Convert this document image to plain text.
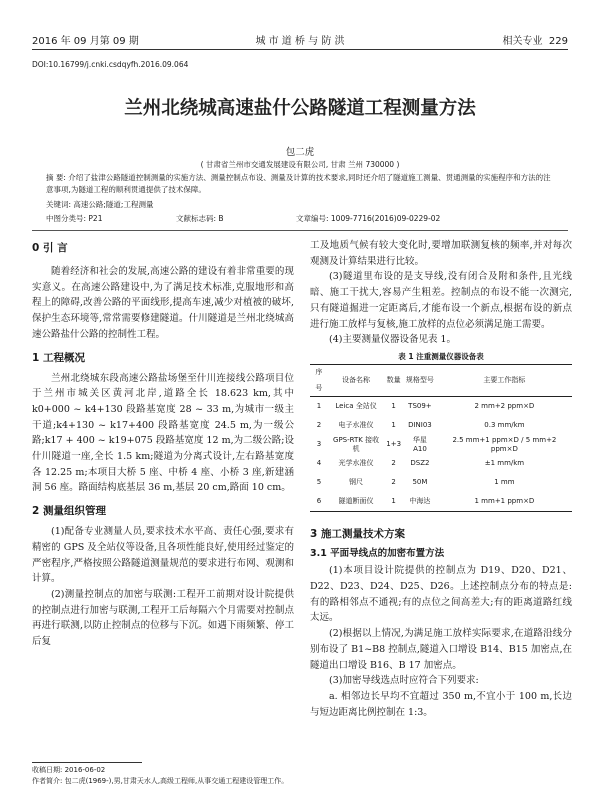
2016 年 09 月第 09 期	城 市 道 桥 与 防 洪	相关专业 229
DOI:10.16799/j.cnki.csdqyfh.2016.09.064
兰州北绕城高速盐什公路隧道工程测量方法
包二虎
( 甘肃省兰州市交通发展建设有限公司, 甘肃 兰州 730000 )
摘 要: 介绍了盐津公路隧道控制测量的实施方法、测量控制点布设、测量及计算的技术要求,同时还介绍了隧道施工测量、贯通测量的实施程序和方法的注意事项,为隧道工程的顺利贯通提供了技术保障。
关键词: 高速公路;隧道;工程测量
中图分类号: P21	文献标志码: B	文章编号: 1009-7716(2016)09-0229-02
0 引 言

随着经济和社会的发展,高速公路的建设有着非常重要的现实意义。在高速公路建设中,为了满足技术标准,克服地形和高程上的障碍,改善公路的平面线形,提高车速,减少对植被的破坏,保护生态环境等,常常需要修建隧道。什川隧道是兰州北绕城高速公路盐什公路的控制性工程。

1 工程概况

兰州北绕城东段高速公路盐场堡至什川连接线公路项目位于兰州市城关区黄河北岸,道路全长 18.623 km,其中 k0+000 ~ k4+130 段路基宽度 28 ~ 33 m,为城市一级主干道;k4+130 ~ k17+400 段路基宽度 24.5 m,为一级公路;k17 + 400 ~ k19+075 段路基宽度 12 m,为二级公路;设什川隧道一座,全长 1.5 km;隧道为分离式设计,左右路基宽度各 12.25 m;本项目大桥 5 座、中桥 4 座、小桥 3 座,新建涵洞 56 座。路面结构底基层 36 m,基层 20 cm,路面 10 cm。

2 测量组织管理

(1)配备专业测量人员,要求技术水平高、责任心强,要求有精密的 GPS 及全站仪等设备,且各项性能良好,使用经过鉴定的严密程序,严格按照公路隧道测量规范的要求进行布网、观测和计算。

(2)测量控制点的加密与联测:工程开工前期对设计院提供的控制点进行加密与联测,工程开工后每隔六个月需要对控制点再进行联测,以防止控制点的位移与下沉。如遇下雨频繁、停工后复

收稿日期: 2016-06-02
作者简介: 包二虎(1969-),男,甘肃天水人,高级工程师,从事交通工程建设管理工作。

工及地质气候有较大变化时,要增加联测复核的频率,并对每次观测及计算结果进行比较。

(3)隧道里布设的是支导线,没有闭合及附和条件,且光线暗、施工干扰大,容易产生粗差。控制点的布设不能一次测完,只有隧道掘进一定距离后,才能布设一个新点,根据布设的新点进行施工放样与复核,施工放样的点位必须满足施工需要。

(4)主要测量仪器设备见表 1。

表 1 注重测量仪器设备表
序号	设备名称	数量	规格型号	主要工作指标
1	Leica 全站仪	1	TS09+	2 mm+2 ppm×D
2	电子水准仪	1	DINI03	0.3 mm/km
3	GPS-RTK 接收机	1+3	华星 A10	2.5 mm+1 ppm×D / 5 mm+2 ppm×D
4	光学水准仪	2	DSZ2	±1 mm/km
5	钢尺	2	50M	1 mm
6	隧道断面仪	1	中海达	1 mm+1 ppm×D
3 施工测量技术方案
3.1 平面导线点的加密布置方法

(1)本项目设计院提供的控制点为 D19、D20、D21、D22、D23、D24、D25、D26。上述控制点分布的特点是:有的路相邻点不通视;有的点位之间高差大;有的距离道路红线太远。

(2)根据以上情况,为满足施工放样实际要求,在道路沿线分别布设了 B1~B8 控制点,隧道入口增设 B14、B15 加密点,在隧道出口增设 B16、B 17 加密点。

(3)加密导线选点时应符合下列要求:

a. 相邻边长早均不宜超过 350 m,不宜小于 100 m,长边与短边距离比例控制在 1:3。
